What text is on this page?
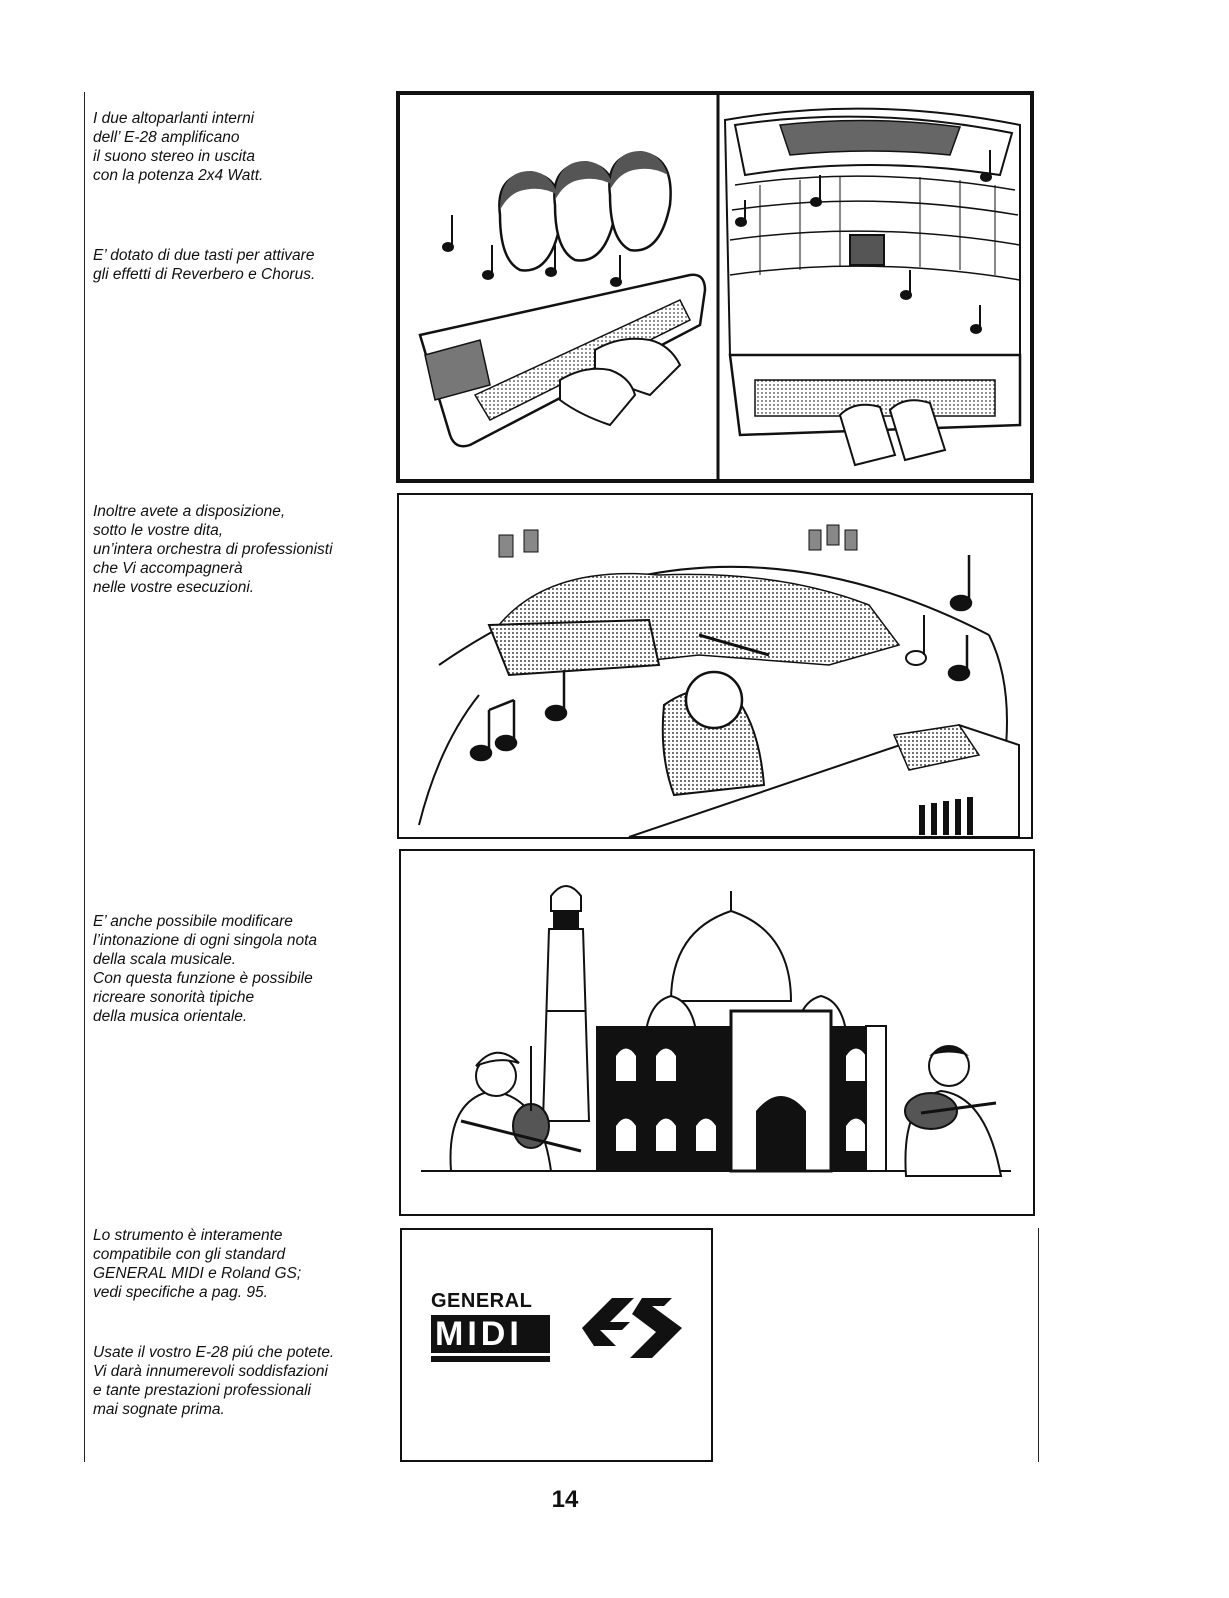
I due altoparlanti interni
dell’ E-28 amplificano
il suono stereo in uscita
con la potenza 2x4 Watt.

E’ dotato di due tasti per attivare
gli effetti di Reverbero e Chorus.

Inoltre avete a disposizione,
sotto le vostre dita,
un’intera orchestra di professionisti
che Vi accompagnerà
nelle vostre esecuzioni.

E’ anche possibile modificare
l’intonazione di ogni singola nota
della scala musicale.
Con questa funzione è possibile
ricreare sonorità tipiche
della musica orientale.

Lo strumento è interamente
compatibile con gli standard
GENERAL MIDI e Roland GS;
vedi specifiche a pag. 95.

Usate il vostro E-28 piú che potete.
Vi darà innumerevoli soddisfazioni
e tante prestazioni professionali
mai sognate prima.

GENERAL
MIDI
14
